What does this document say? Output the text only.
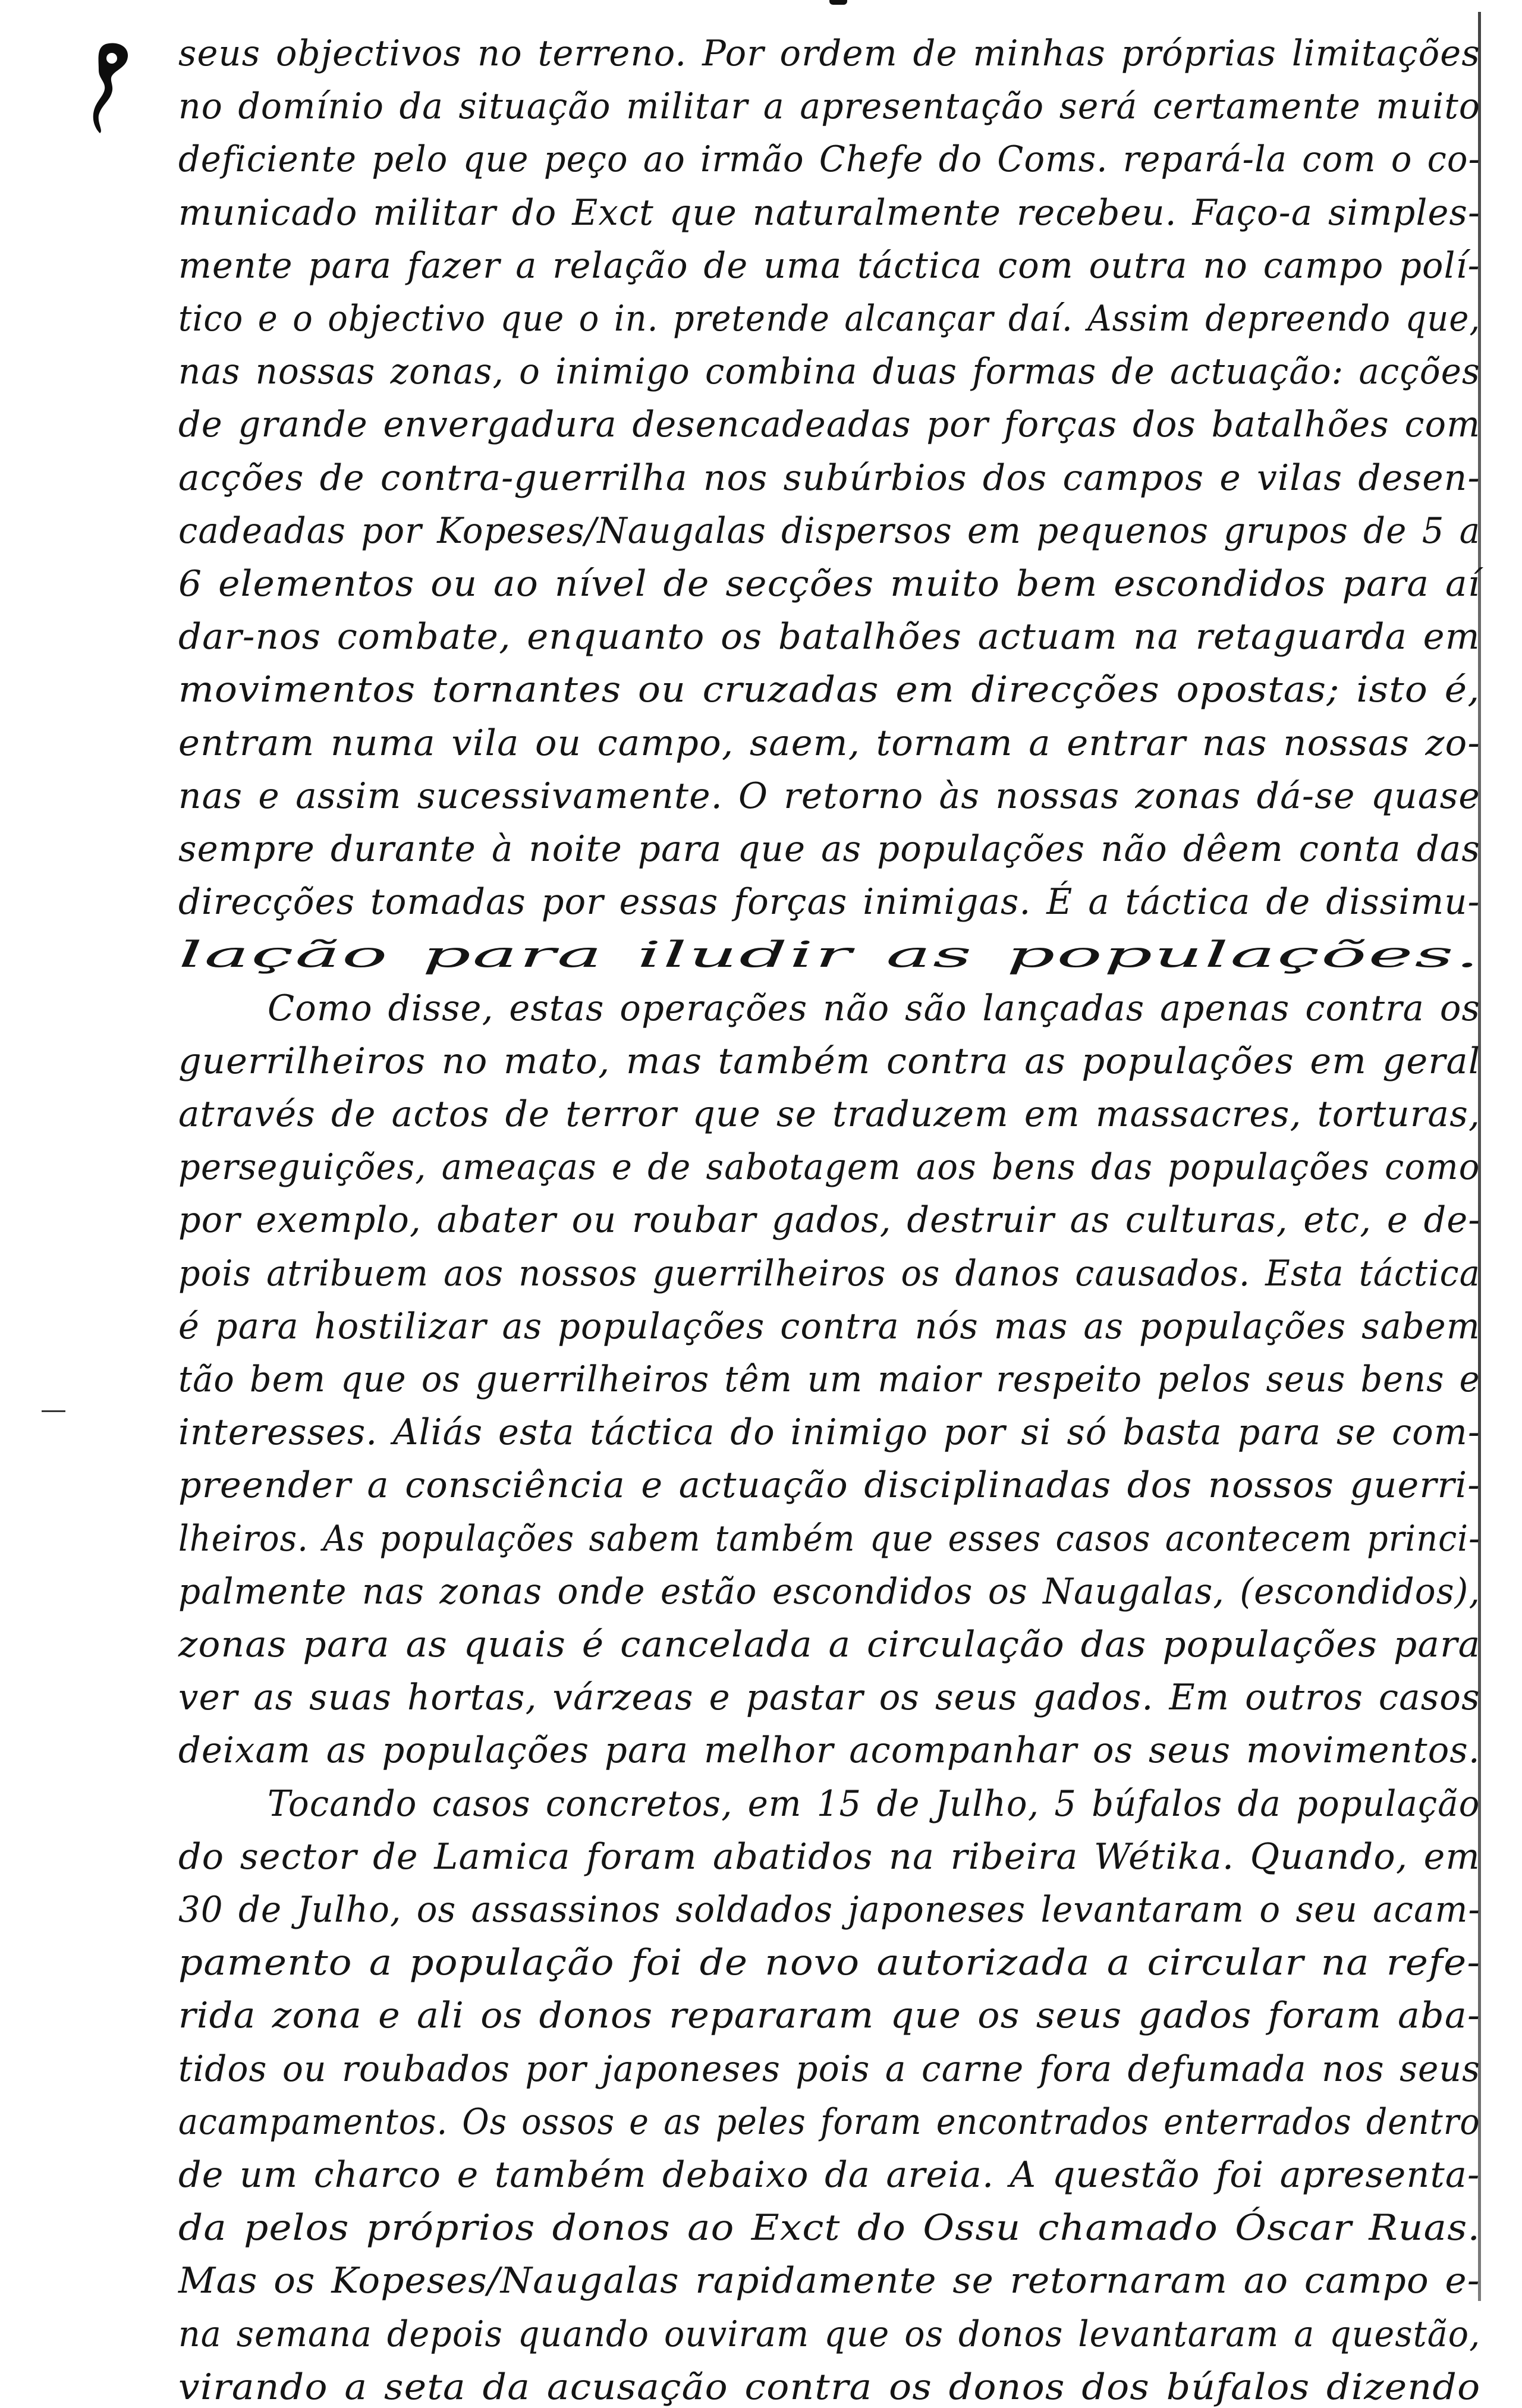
seus objectivos no terreno. Por ordem de minhas próprias limitações
no domínio da situação militar a apresentação será certamente muito
deficiente pelo que peço ao irmão Chefe do Coms. repará-la com o co-
municado militar do Exct que naturalmente recebeu. Faço-a simples-
mente para fazer a relação de uma táctica com outra no campo polí-
tico e o objectivo que o in. pretende alcançar daí. Assim depreendo que,
nas nossas zonas, o inimigo combina duas formas de actuação: acções
de grande envergadura desencadeadas por forças dos batalhões com
acções de contra-guerrilha nos subúrbios dos campos e vilas desen-
cadeadas por Kopeses/Naugalas dispersos em pequenos grupos de 5 a
6 elementos ou ao nível de secções muito bem escondidos para aí
dar-nos combate, enquanto os batalhões actuam na retaguarda em
movimentos tornantes ou cruzadas em direcções opostas; isto é,
entram numa vila ou campo, saem, tornam a entrar nas nossas zo-
nas e assim sucessivamente. O retorno às nossas zonas dá-se quase
sempre durante à noite para que as populações não dêem conta das
direcções tomadas por essas forças inimigas. É a táctica de dissimu-
lação para iludir as populações.
Como disse, estas operações não são lançadas apenas contra os
guerrilheiros no mato, mas também contra as populações em geral
através de actos de terror que se traduzem em massacres, torturas,
perseguições, ameaças e de sabotagem aos bens das populações como
por exemplo, abater ou roubar gados, destruir as culturas, etc, e de-
pois atribuem aos nossos guerrilheiros os danos causados. Esta táctica
é para hostilizar as populações contra nós mas as populações sabem
tão bem que os guerrilheiros têm um maior respeito pelos seus bens e
interesses. Aliás esta táctica do inimigo por si só basta para se com-
preender a consciência e actuação disciplinadas dos nossos guerri-
lheiros. As populações sabem também que esses casos acontecem princi-
palmente nas zonas onde estão escondidos os Naugalas, (escondidos),
zonas para as quais é cancelada a circulação das populações para
ver as suas hortas, várzeas e pastar os seus gados. Em outros casos
deixam as populações para melhor acompanhar os seus movimentos.
Tocando casos concretos, em 15 de Julho, 5 búfalos da população
do sector de Lamica foram abatidos na ribeira Wétika. Quando, em
30 de Julho, os assassinos soldados japoneses levantaram o seu acam-
pamento a população foi de novo autorizada a circular na refe-
rida zona e ali os donos repararam que os seus gados foram aba-
tidos ou roubados por japoneses pois a carne fora defumada nos seus
acampamentos. Os ossos e as peles foram encontrados enterrados dentro
de um charco e também debaixo da areia. A questão foi apresenta-
da pelos próprios donos ao Exct do Ossu chamado Óscar Ruas.
Mas os Kopeses/Naugalas rapidamente se retornaram ao campo e-
na semana depois quando ouviram que os donos levantaram a questão,
virando a seta da acusação contra os donos dos búfalos dizendo
